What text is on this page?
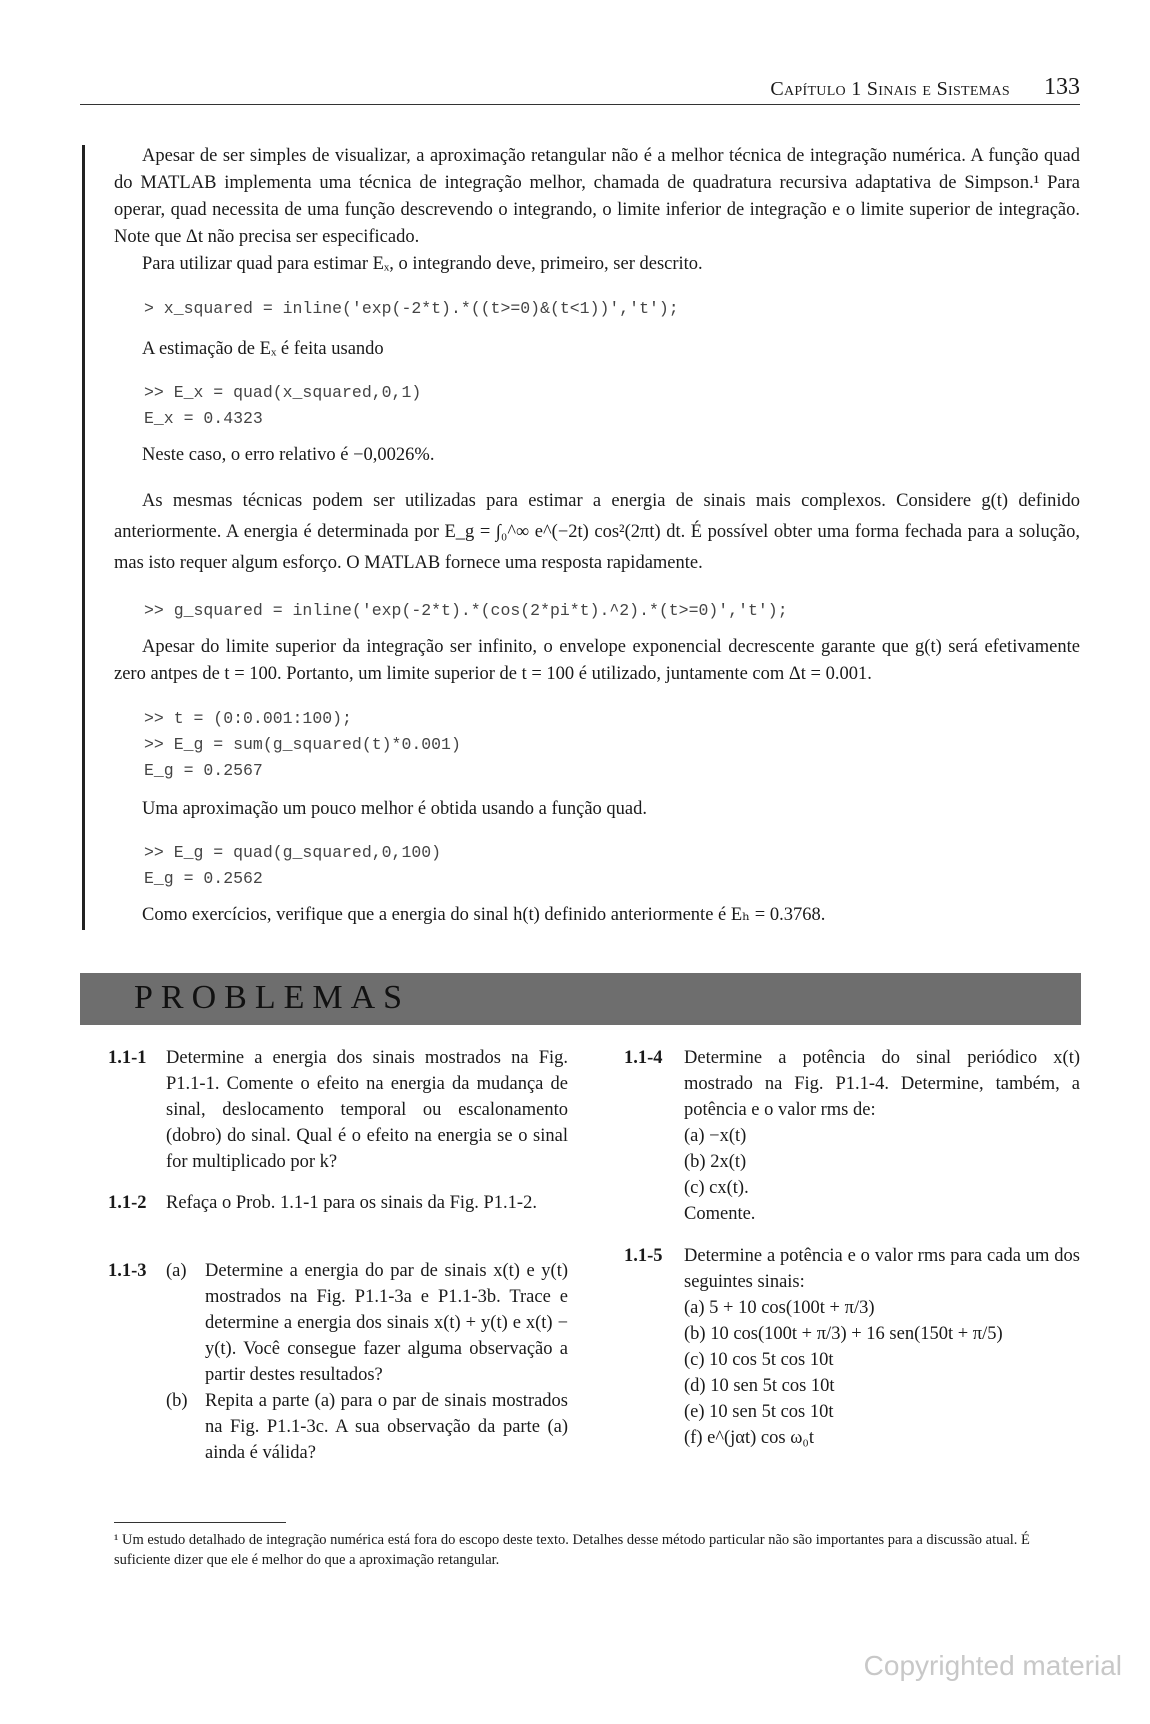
Capítulo 1 Sinais e Sistemas 133

Apesar de ser simples de visualizar, a aproximação retangular não é a melhor técnica de integração numérica. A função quad do MATLAB implementa uma técnica de integração melhor, chamada de quadratura recursiva adaptativa de Simpson.¹ Para operar, quad necessita de uma função descrevendo o integrando, o limite inferior de integração e o limite superior de integração. Note que Δt não precisa ser especificado.

Para utilizar quad para estimar Eₓ, o integrando deve, primeiro, ser descrito.

> x_squared = inline('exp(-2*t).*((t>=0)&(t<1))','t');
A estimação de Eₓ é feita usando
>> E_x = quad(x_squared,0,1)
E_x = 0.4323
Neste caso, o erro relativo é −0,0026%.

As mesmas técnicas podem ser utilizadas para estimar a energia de sinais mais complexos. Considere g(t) definido anteriormente. A energia é determinada por E_g = ∫₀^∞ e^(−2t) cos²(2πt) dt. É possível obter uma forma fechada para a solução, mas isto requer algum esforço. O MATLAB fornece uma resposta rapidamente.

>> g_squared = inline('exp(-2*t).*(cos(2*pi*t).^2).*(t>=0)','t');

Apesar do limite superior da integração ser infinito, o envelope exponencial decrescente garante que g(t) será efetivamente zero antpes de t = 100. Portanto, um limite superior de t = 100 é utilizado, juntamente com Δt = 0.001.

>> t = (0:0.001:100);
>> E_g = sum(g_squared(t)*0.001)
E_g = 0.2567
Uma aproximação um pouco melhor é obtida usando a função quad.
>> E_g = quad(g_squared,0,100)
E_g = 0.2562
Como exercícios, verifique que a energia do sinal h(t) definido anteriormente é Eₕ = 0.3768.
PROBLEMAS
1.1-1 Determine a energia dos sinais mostrados na Fig. P1.1-1. Comente o efeito na energia da mudança de sinal, deslocamento temporal ou escalonamento (dobro) do sinal. Qual é o efeito na energia se o sinal for multiplicado por k?
1.1-2 Refaça o Prob. 1.1-1 para os sinais da Fig. P1.1-2.
1.1-3 (a) Determine a energia do par de sinais x(t) e y(t) mostrados na Fig. P1.1-3a e P1.1-3b. Trace e determine a energia dos sinais x(t) + y(t) e x(t) − y(t). Você consegue fazer alguma observação a partir destes resultados?
(b) Repita a parte (a) para o par de sinais mostrados na Fig. P1.1-3c. A sua observação da parte (a) ainda é válida?
1.1-4 Determine a potência do sinal periódico x(t) mostrado na Fig. P1.1-4. Determine, também, a potência e o valor rms de:
(a) −x(t)
(b) 2x(t)
(c) cx(t).
Comente.
1.1-5 Determine a potência e o valor rms para cada um dos seguintes sinais:
(a) 5 + 10 cos(100t + π/3)
(b) 10 cos(100t + π/3) + 16 sen(150t + π/5)
(c) 10 cos 5t cos 10t
(d) 10 sen 5t cos 10t
(e) 10 sen 5t cos 10t
(f) e^(jαt) cos ω₀t
¹ Um estudo detalhado de integração numérica está fora do escopo deste texto. Detalhes desse método particular não são importantes para a discussão atual. É suficiente dizer que ele é melhor do que a aproximação retangular.
Copyrighted material
